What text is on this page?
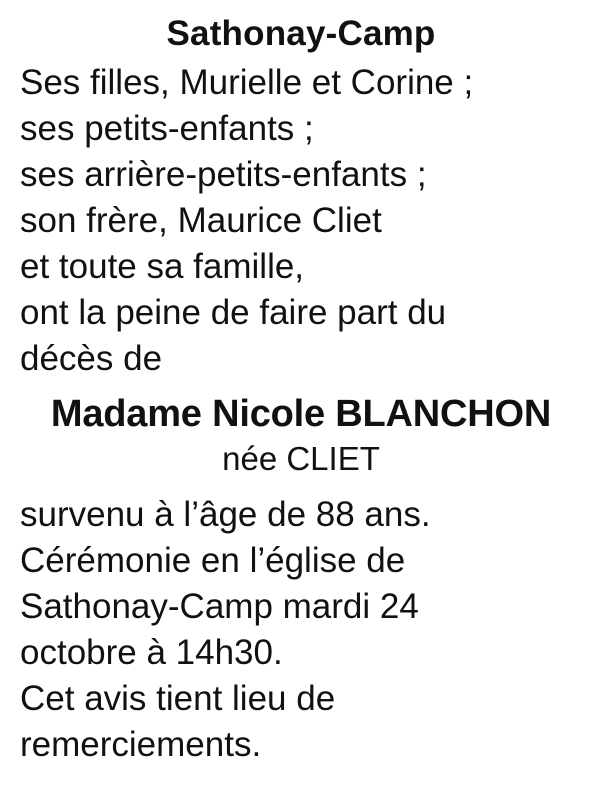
Sathonay-Camp

Ses filles, Murielle et Corine ;

ses petits-enfants ;

ses arrière-petits-enfants ;

son frère, Maurice Cliet

et toute sa famille,

ont la peine de faire part du

décès de

Madame Nicole BLANCHON
née CLIET

survenu à l’âge de 88 ans.

Cérémonie en l’église de

Sathonay-Camp mardi 24

octobre à 14h30.

Cet avis tient lieu de

remerciements.
